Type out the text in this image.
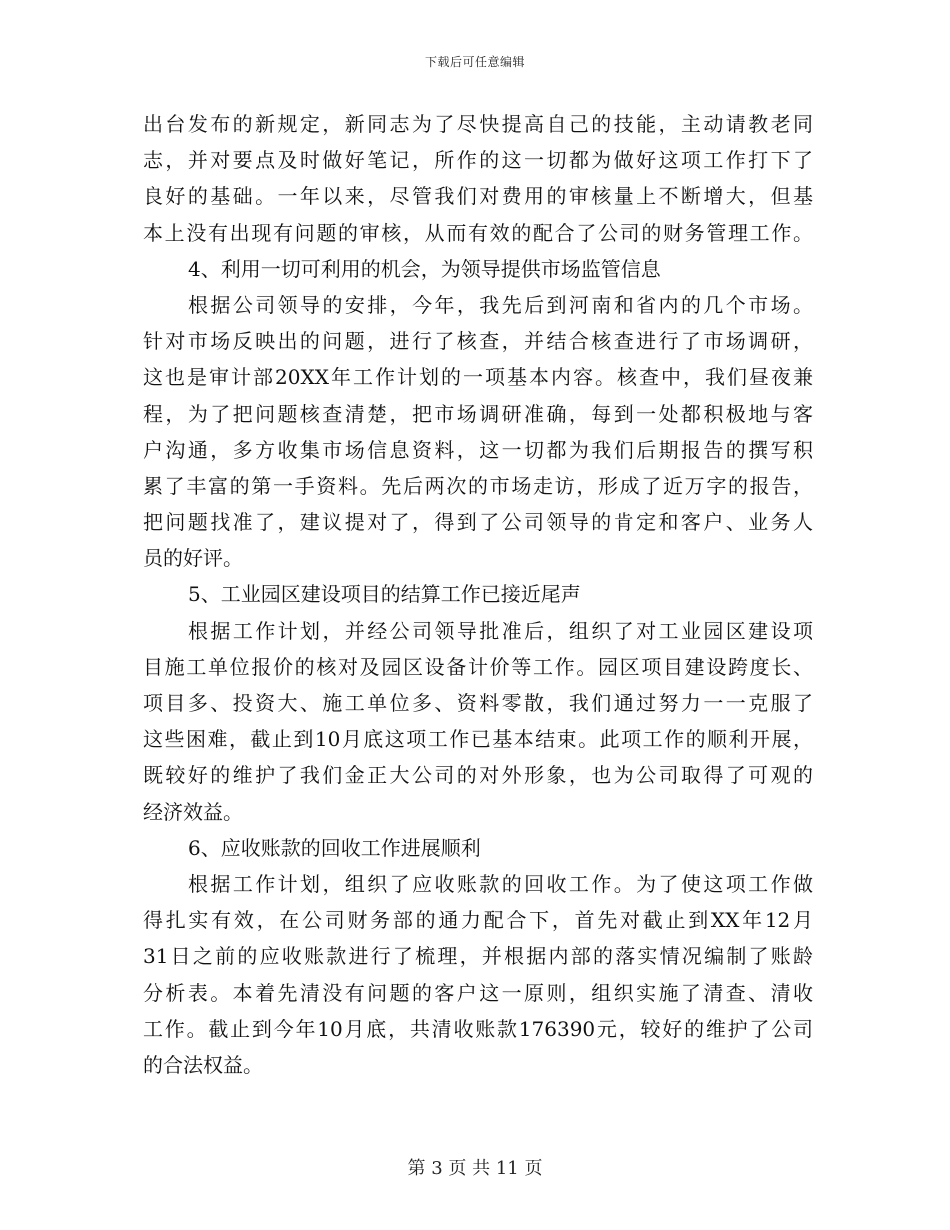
下载后可任意编辑
出台发布的新规定，新同志为了尽快提高自己的技能，主动请教老同
志，并对要点及时做好笔记，所作的这一切都为做好这项工作打下了
良好的基础。一年以来，尽管我们对费用的审核量上不断增大，但基
本上没有出现有问题的审核，从而有效的配合了公司的财务管理工作。
4、利用一切可利用的机会，为领导提供市场监管信息
根据公司领导的安排，今年，我先后到河南和省内的几个市场。
针对市场反映出的问题，进行了核查，并结合核查进行了市场调研，
这也是审计部20XX年工作计划的一项基本内容。核查中，我们昼夜兼
程，为了把问题核查清楚，把市场调研准确，每到一处都积极地与客
户沟通，多方收集市场信息资料，这一切都为我们后期报告的撰写积
累了丰富的第一手资料。先后两次的市场走访，形成了近万字的报告，
把问题找准了，建议提对了，得到了公司领导的肯定和客户、业务人
员的好评。
5、工业园区建设项目的结算工作已接近尾声
根据工作计划，并经公司领导批准后，组织了对工业园区建设项
目施工单位报价的核对及园区设备计价等工作。园区项目建设跨度长、
项目多、投资大、施工单位多、资料零散，我们通过努力一一克服了
这些困难，截止到10月底这项工作已基本结束。此项工作的顺利开展，
既较好的维护了我们金正大公司的对外形象，也为公司取得了可观的
经济效益。
6、应收账款的回收工作进展顺利
根据工作计划，组织了应收账款的回收工作。为了使这项工作做
得扎实有效，在公司财务部的通力配合下，首先对截止到XX年12月
31日之前的应收账款进行了梳理，并根据内部的落实情况编制了账龄
分析表。本着先清没有问题的客户这一原则，组织实施了清查、清收
工作。截止到今年10月底，共清收账款176390元，较好的维护了公司
的合法权益。
第 3 页 共 11 页
